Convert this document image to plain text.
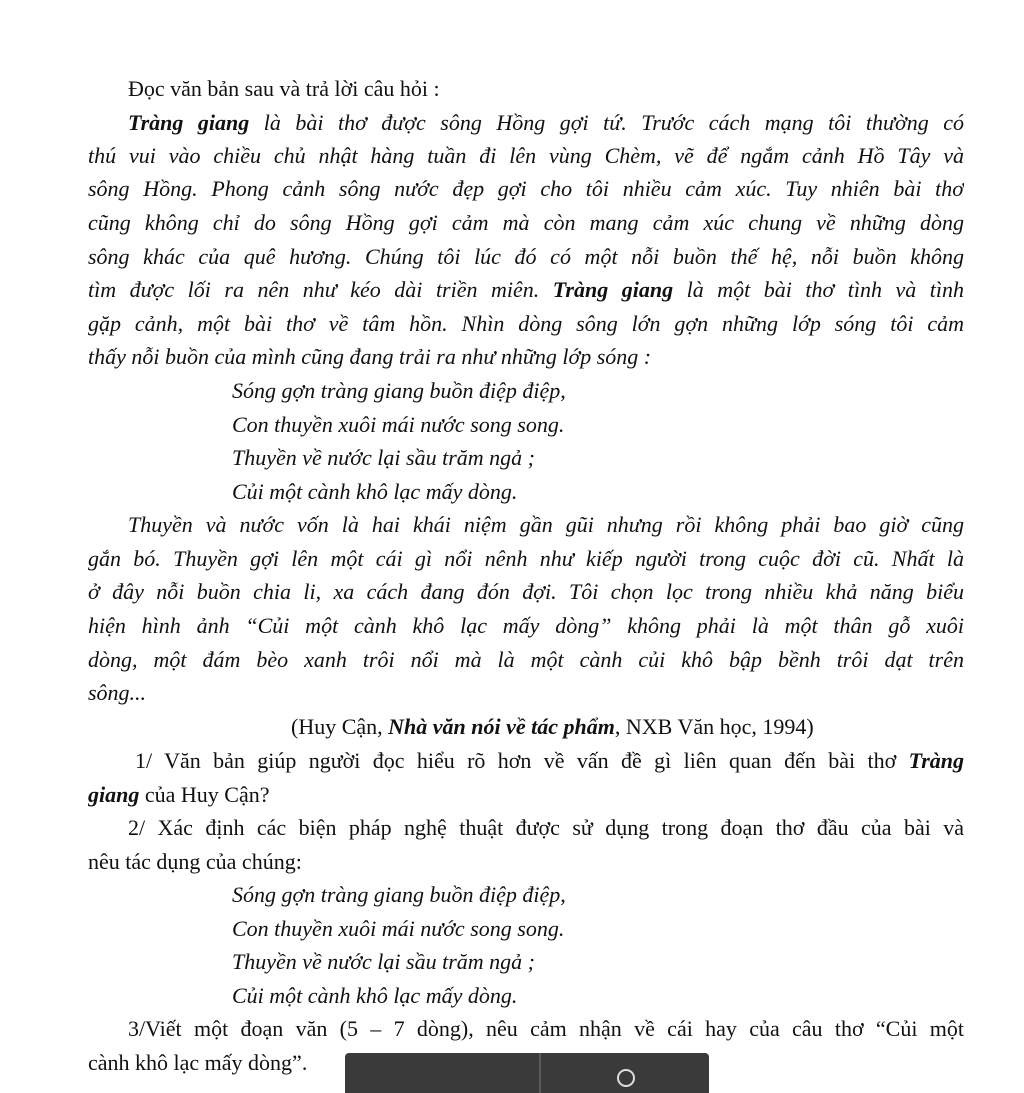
Đọc văn bản sau và trả lời câu hỏi :
Tràng giang là bài thơ được sông Hồng gợi tứ. Trước cách mạng tôi thường có
thú vui vào chiều chủ nhật hàng tuần đi lên vùng Chèm, vẽ để ngắm cảnh Hồ Tây và
sông Hồng. Phong cảnh sông nước đẹp gợi cho tôi nhiều cảm xúc. Tuy nhiên bài thơ
cũng không chỉ do sông Hồng gợi cảm mà còn mang cảm xúc chung về những dòng
sông khác của quê hương. Chúng tôi lúc đó có một nỗi buồn thế hệ, nỗi buồn không
tìm được lối ra nên như kéo dài triền miên. Tràng giang là một bài thơ tình và tình
gặp cảnh, một bài thơ về tâm hồn. Nhìn dòng sông lớn gợn những lớp sóng tôi cảm
thấy nỗi buồn của mình cũng đang trải ra như những lớp sóng :
Sóng gợn tràng giang buồn điệp điệp,
Con thuyền xuôi mái nước song song.
Thuyền về nước lại sầu trăm ngả ;
Củi một cành khô lạc mấy dòng.
Thuyền và nước vốn là hai khái niệm gần gũi nhưng rồi không phải bao giờ cũng
gắn bó. Thuyền gợi lên một cái gì nổi nênh như kiếp người trong cuộc đời cũ. Nhất là
ở đây nỗi buồn chia li, xa cách đang đón đợi. Tôi chọn lọc trong nhiều khả năng biểu
hiện hình ảnh “Củi một cành khô lạc mấy dòng” không phải là một thân gỗ xuôi
dòng, một đám bèo xanh trôi nổi mà là một cành củi khô bập bềnh trôi dạt trên
sông...
(Huy Cận, Nhà văn nói về tác phẩm, NXB Văn học, 1994)
1/ Văn bản giúp người đọc hiểu rõ hơn về vấn đề gì liên quan đến bài thơ Tràng
giang của Huy Cận?
2/ Xác định các biện pháp nghệ thuật được sử dụng trong đoạn thơ đầu của bài và
nêu tác dụng của chúng:
Sóng gợn tràng giang buồn điệp điệp,
Con thuyền xuôi mái nước song song.
Thuyền về nước lại sầu trăm ngả ;
Củi một cành khô lạc mấy dòng.
3/Viết một đoạn văn (5 – 7 dòng), nêu cảm nhận về cái hay của câu thơ “Củi một
cành khô lạc mấy dòng”.
